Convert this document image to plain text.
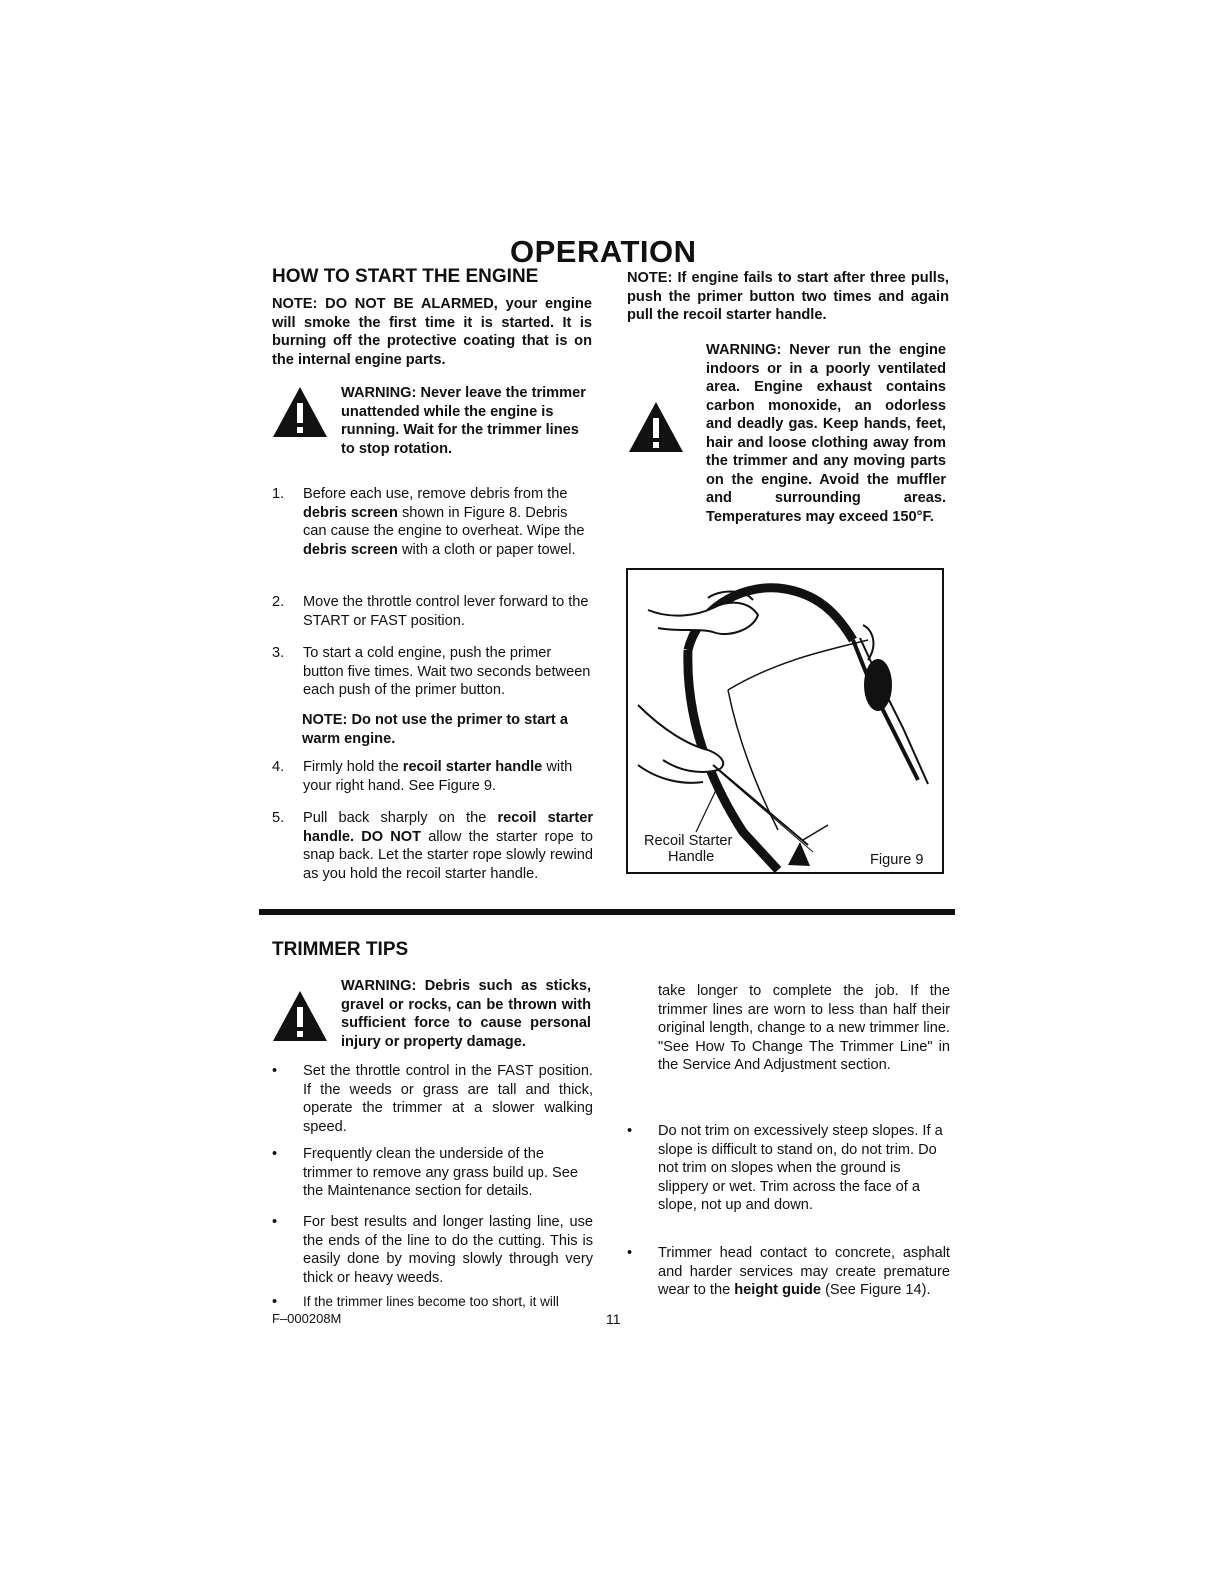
OPERATION
HOW TO START THE ENGINE
NOTE: DO NOT BE ALARMED, your engine will smoke the first time it is started. It is burning off the protective coating that is on the internal engine parts.
WARNING: Never leave the trimmer unattended while the engine is running. Wait for the trimmer lines to stop rotation.
1. Before each use, remove debris from the debris screen shown in Figure 8. Debris can cause the engine to overheat. Wipe the debris screen with a cloth or paper towel.
2. Move the throttle control lever forward to the START or FAST position.
3. To start a cold engine, push the primer button five times. Wait two seconds between each push of the primer button.
NOTE: Do not use the primer to start a warm engine.
4. Firmly hold the recoil starter handle with your right hand. See Figure 9.
5. Pull back sharply on the recoil starter handle. DO NOT allow the starter rope to snap back. Let the starter rope slowly rewind as you hold the recoil starter handle.
NOTE: If engine fails to start after three pulls, push the primer button two times and again pull the recoil starter handle.
WARNING: Never run the engine indoors or in a poorly ventilated area. Engine exhaust contains carbon monoxide, an odorless and deadly gas. Keep hands, feet, hair and loose clothing away from the trimmer and any moving parts on the engine. Avoid the muffler and surrounding areas. Temperatures may exceed 150°F.
Recoil Starter
Handle	Figure 9
TRIMMER TIPS
WARNING: Debris such as sticks, gravel or rocks, can be thrown with sufficient force to cause personal injury or property damage.
• Set the throttle control in the FAST position. If the weeds or grass are tall and thick, operate the trimmer at a slower walking speed.
• Frequently clean the underside of the trimmer to remove any grass build up. See the Maintenance section for details.
• For best results and longer lasting line, use the ends of the line to do the cutting. This is easily done by moving slowly through very thick or heavy weeds.
• If the trimmer lines become too short, it will
take longer to complete the job. If the trimmer lines are worn to less than half their original length, change to a new trimmer line. "See How To Change The Trimmer Line" in the Service And Adjustment section.
• Do not trim on excessively steep slopes. If a slope is difficult to stand on, do not trim. Do not trim on slopes when the ground is slippery or wet. Trim across the face of a slope, not up and down.
• Trimmer head contact to concrete, asphalt and harder services may create premature wear to the height guide (See Figure 14).
F–000208M	11
